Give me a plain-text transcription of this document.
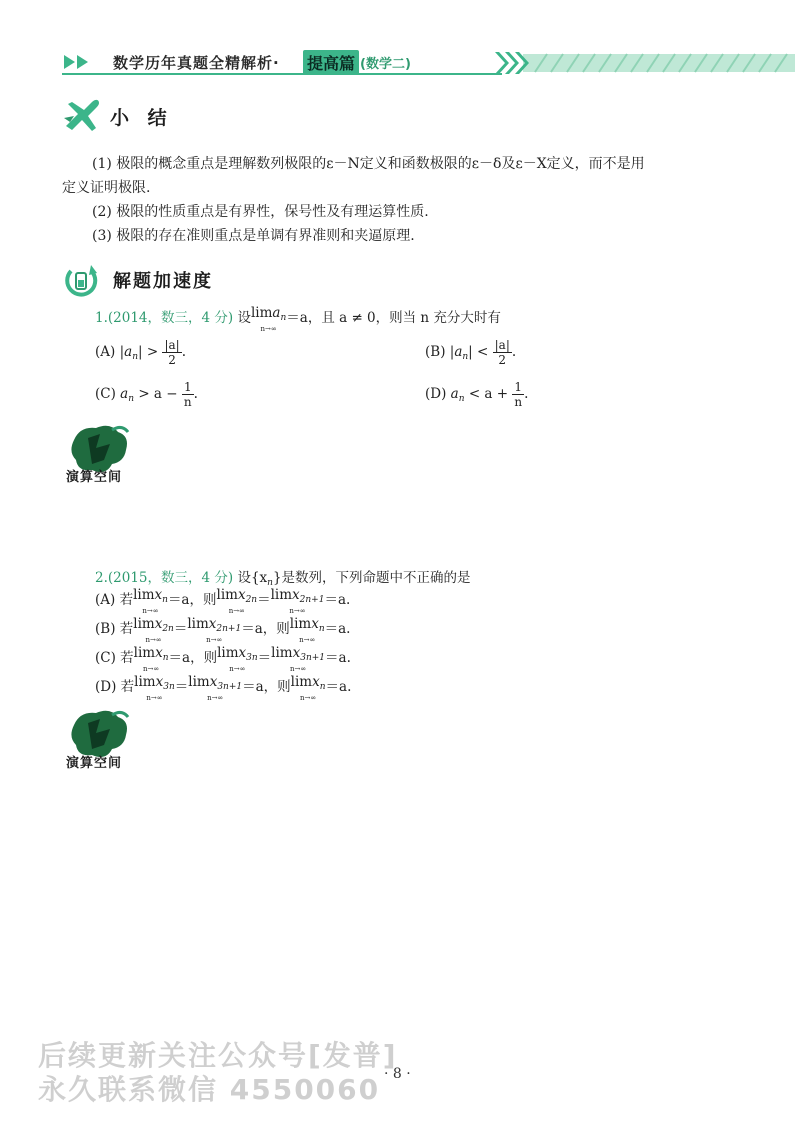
数学历年真题全精解析· 提高篇 (数学二)
小 结
(1) 极限的概念重点是理解数列极限的ε－N定义和函数极限的ε－δ及ε－X定义，而不是用
定义证明极限.
(2) 极限的性质重点是有界性，保号性及有理运算性质.
(3) 极限的存在准则重点是单调有界准则和夹逼原理.
解题加速度
1.(2014，数三，4 分) 设lima$_n$
n→∞
＝a，且 a ≠ 0，则当 n 充分大时有
(A) $|a_n| > \frac{|a|}{2}$ .	(B) $|a_n| < \frac{|a|}{2}$ .
(C) $a_n > a - \frac{1}{n}$ .	(D) $a_n < a + \frac{1}{n}$ .
演算空间
2.(2015，数三，4 分) 设$\{x_n\}$是数列，下列命题中不正确的是
(A) 若limx$_n$
n→∞
＝a，则limx$_{2n}$
n→∞
＝limx$_{2n+1}$
n→∞
＝a.
(B) 若limx$_{2n}$
n→∞
＝limx$_{2n+1}$
n→∞
＝a，则limx$_n$
n→∞
＝a.
(C) 若limx$_n$
n→∞
＝a，则limx$_{3n}$
n→∞
＝limx$_{3n+1}$
n→∞
＝a.
(D) 若limx$_{3n}$
n→∞
＝limx$_{3n+1}$
n→∞
＝a，则limx$_n$
n→∞
＝a.
演算空间
后续更新关注公众号[发普]
永久联系微信 4550060 · 8 ·
